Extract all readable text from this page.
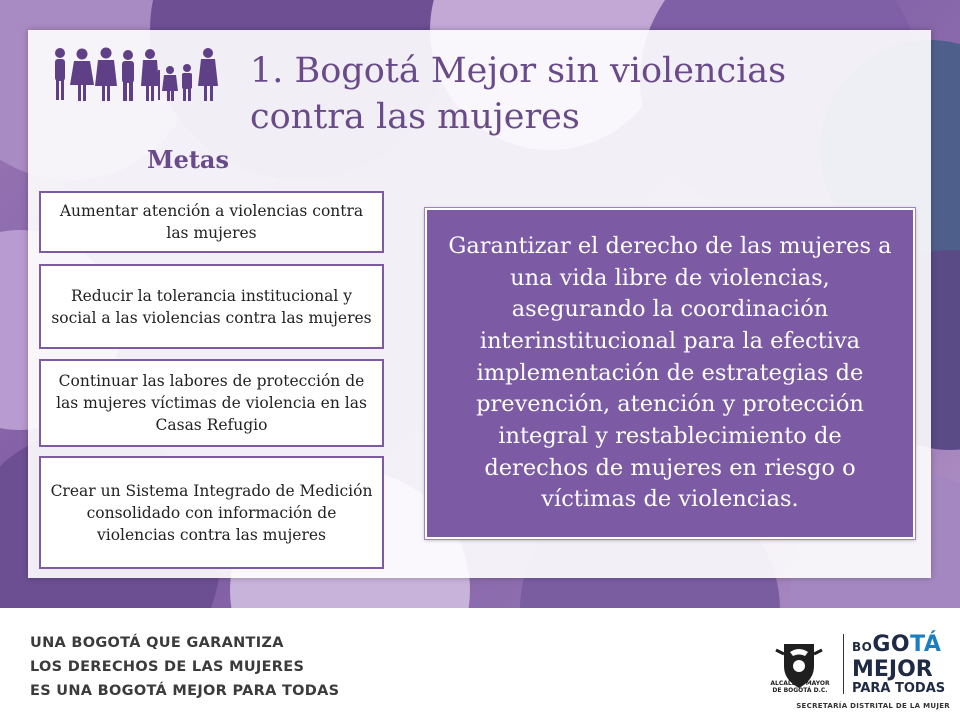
1. Bogotá Mejor sin violencias contra las mujeres
Metas
Aumentar atención a violencias contra las mujeres
Reducir la tolerancia institucional y social a las violencias contra las mujeres
Continuar las labores de protección de las mujeres víctimas de violencia en las Casas Refugio
Crear un Sistema Integrado de Medición consolidado con información de violencias contra las mujeres
Garantizar el derecho de las mujeres a una vida libre de violencias, asegurando la coordinación interinstitucional para la efectiva implementación de estrategias de prevención, atención y protección integral y restablecimiento de derechos de mujeres en riesgo o víctimas de violencias.
UNA BOGOTÁ QUE GARANTIZA
LOS DERECHOS DE LAS MUJERES
ES UNA BOGOTÁ MEJOR PARA TODAS	ALCALDÍA MAYOR
DE BOGOTÁ D.C.
BOGOTÁ
MEJOR
PARA TODAS
SECRETARÍA DISTRITAL DE LA MUJER
